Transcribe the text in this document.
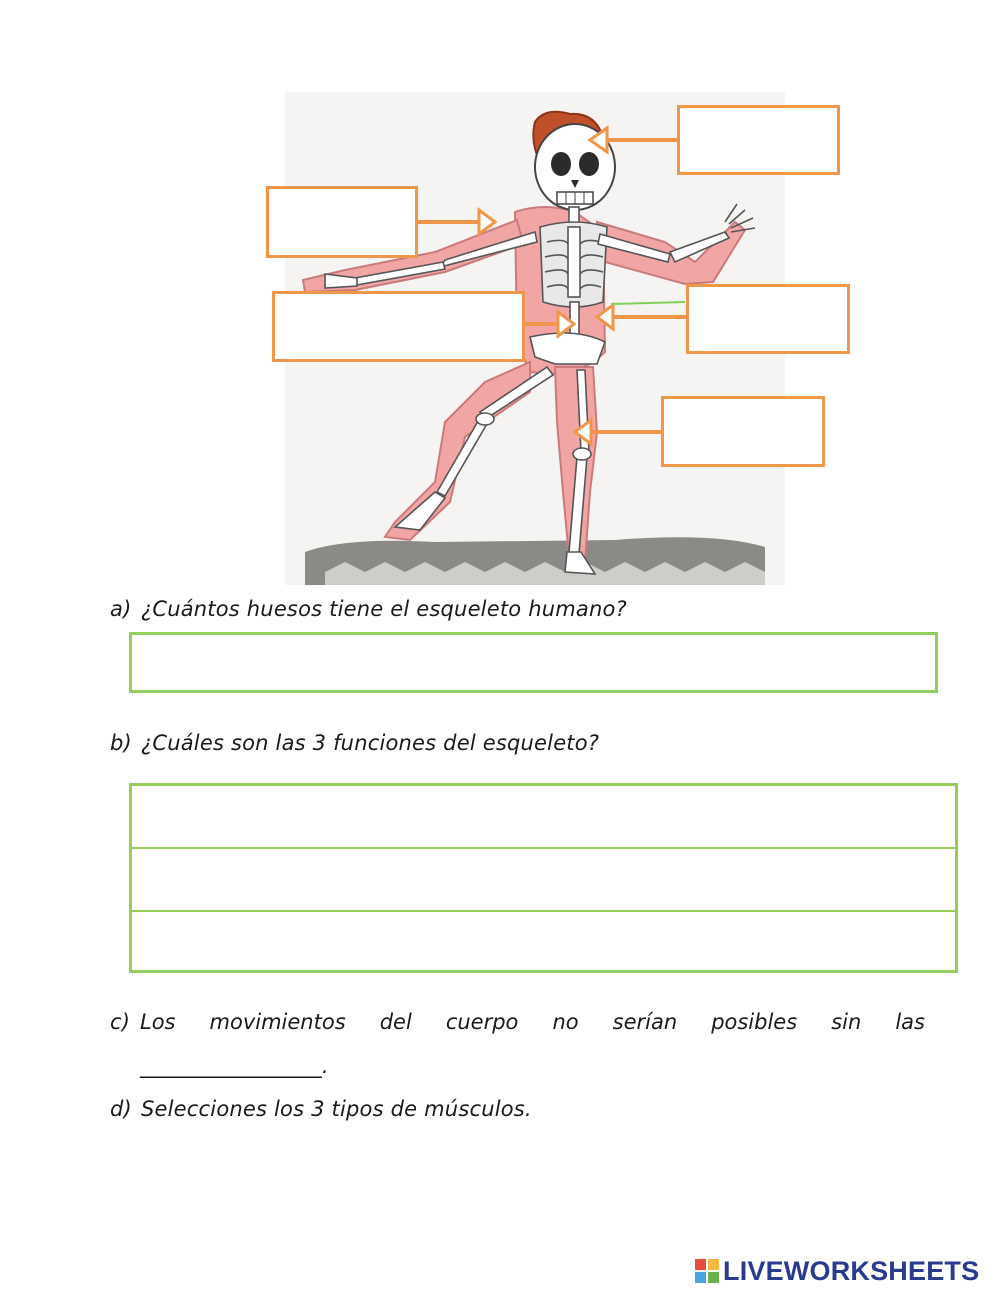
a) ¿Cuántos huesos tiene el esqueleto humano?
b) ¿Cuáles son las 3 funciones del esqueleto?
c) Los movimientos del cuerpo no serían posibles sin las
_________________.
d) Selecciones los 3 tipos de músculos.
LIVEWORKSHEETS
